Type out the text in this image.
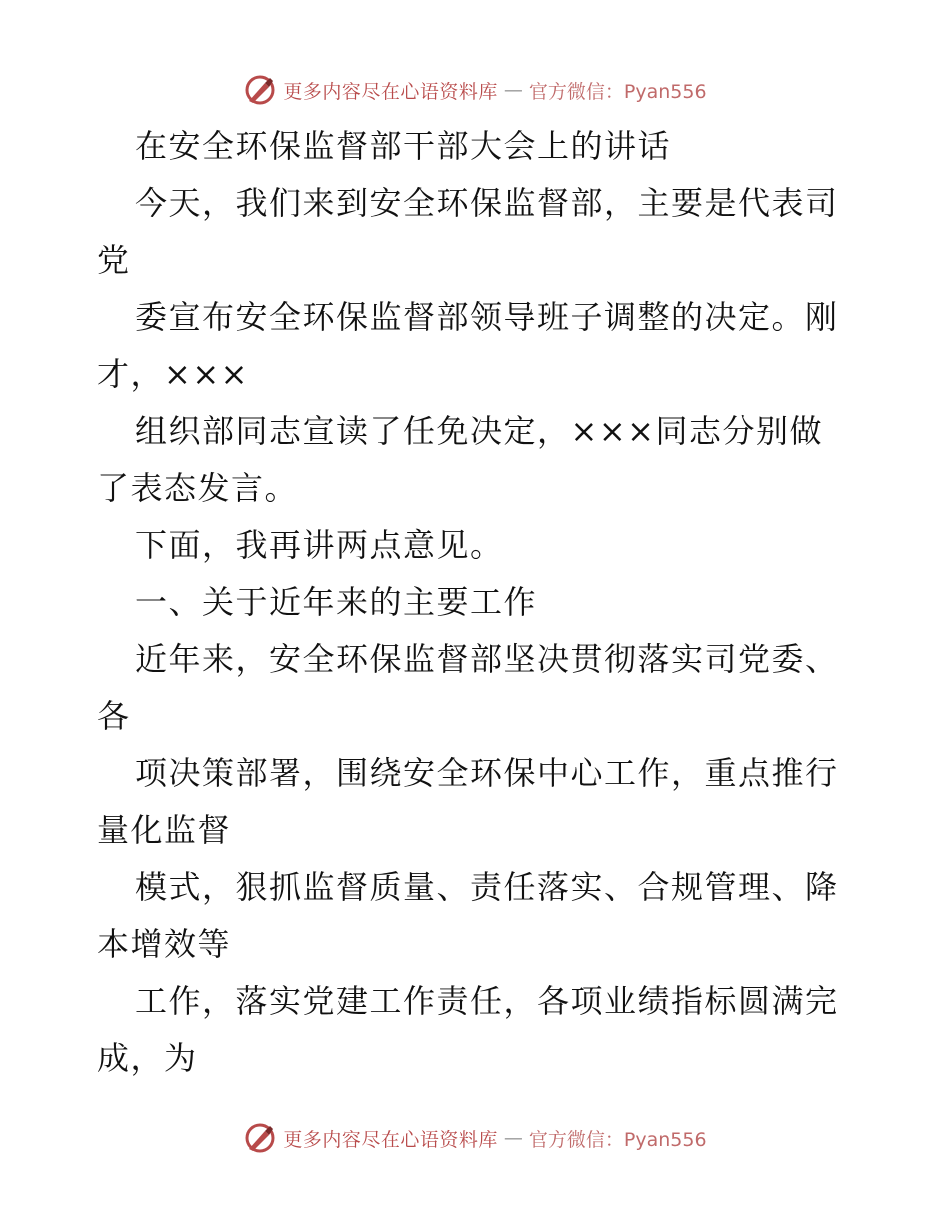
更多内容尽在心语资料库 — 官方微信：Pyan556
在安全环保监督部干部大会上的讲话
今天，我们来到安全环保监督部，主要是代表司
党
委宣布安全环保监督部领导班子调整的决定。刚
才，×××
组织部同志宣读了任免决定，×××同志分别做
了表态发言。
下面，我再讲两点意见。
一、关于近年来的主要工作
近年来，安全环保监督部坚决贯彻落实司党委、
各
项决策部署，围绕安全环保中心工作，重点推行
量化监督
模式，狠抓监督质量、责任落实、合规管理、降
本增效等
工作，落实党建工作责任，各项业绩指标圆满完
成，为
更多内容尽在心语资料库 — 官方微信：Pyan556
